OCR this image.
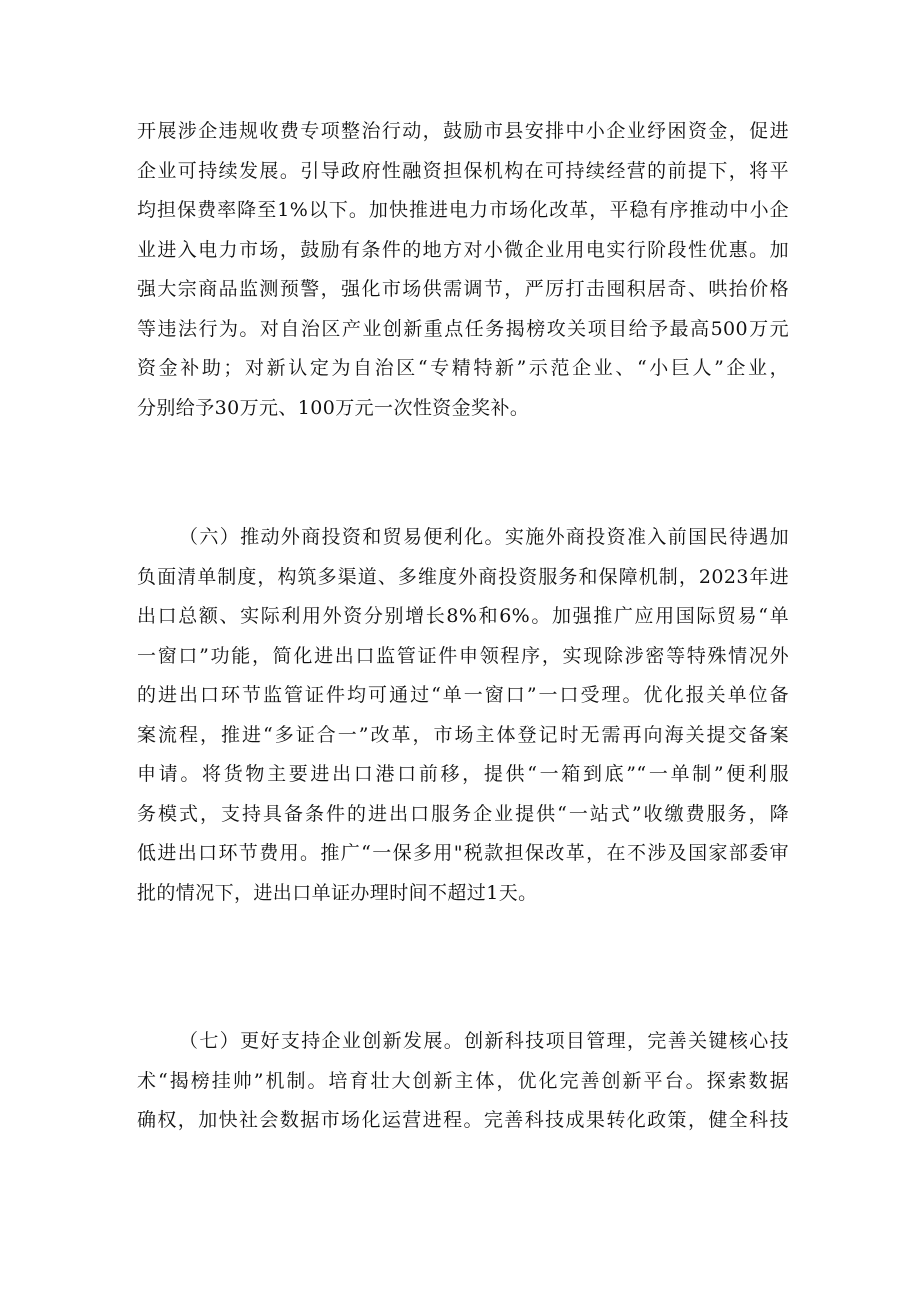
开展涉企违规收费专项整治行动，鼓励市县安排中小企业纾困资金，促进
企业可持续发展。引导政府性融资担保机构在可持续经营的前提下，将平
均担保费率降至1%以下。加快推进电力市场化改革，平稳有序推动中小企
业进入电力市场，鼓励有条件的地方对小微企业用电实行阶段性优惠。加
强大宗商品监测预警，强化市场供需调节，严厉打击囤积居奇、哄抬价格
等违法行为。对自治区产业创新重点任务揭榜攻关项目给予最高500万元
资金补助；对新认定为自治区“专精特新”示范企业、“小巨人”企业，
分别给予30万元、100万元一次性资金奖补。

（六）推动外商投资和贸易便利化。实施外商投资准入前国民待遇加
负面清单制度，构筑多渠道、多维度外商投资服务和保障机制，2023年进
出口总额、实际利用外资分别增长8%和6%。加强推广应用国际贸易“单
一窗口”功能，简化进出口监管证件申领程序，实现除涉密等特殊情况外
的进出口环节监管证件均可通过“单一窗口”一口受理。优化报关单位备
案流程，推进“多证合一”改革，市场主体登记时无需再向海关提交备案
申请。将货物主要进出口港口前移，提供“一箱到底”“一单制”便利服
务模式，支持具备条件的进出口服务企业提供“一站式”收缴费服务，降
低进出口环节费用。推广“一保多用"税款担保改革，在不涉及国家部委审
批的情况下，进出口单证办理时间不超过1天。

（七）更好支持企业创新发展。创新科技项目管理，完善关键核心技
术“揭榜挂帅”机制。培育壮大创新主体，优化完善创新平台。探索数据
确权，加快社会数据市场化运营进程。完善科技成果转化政策，健全科技
